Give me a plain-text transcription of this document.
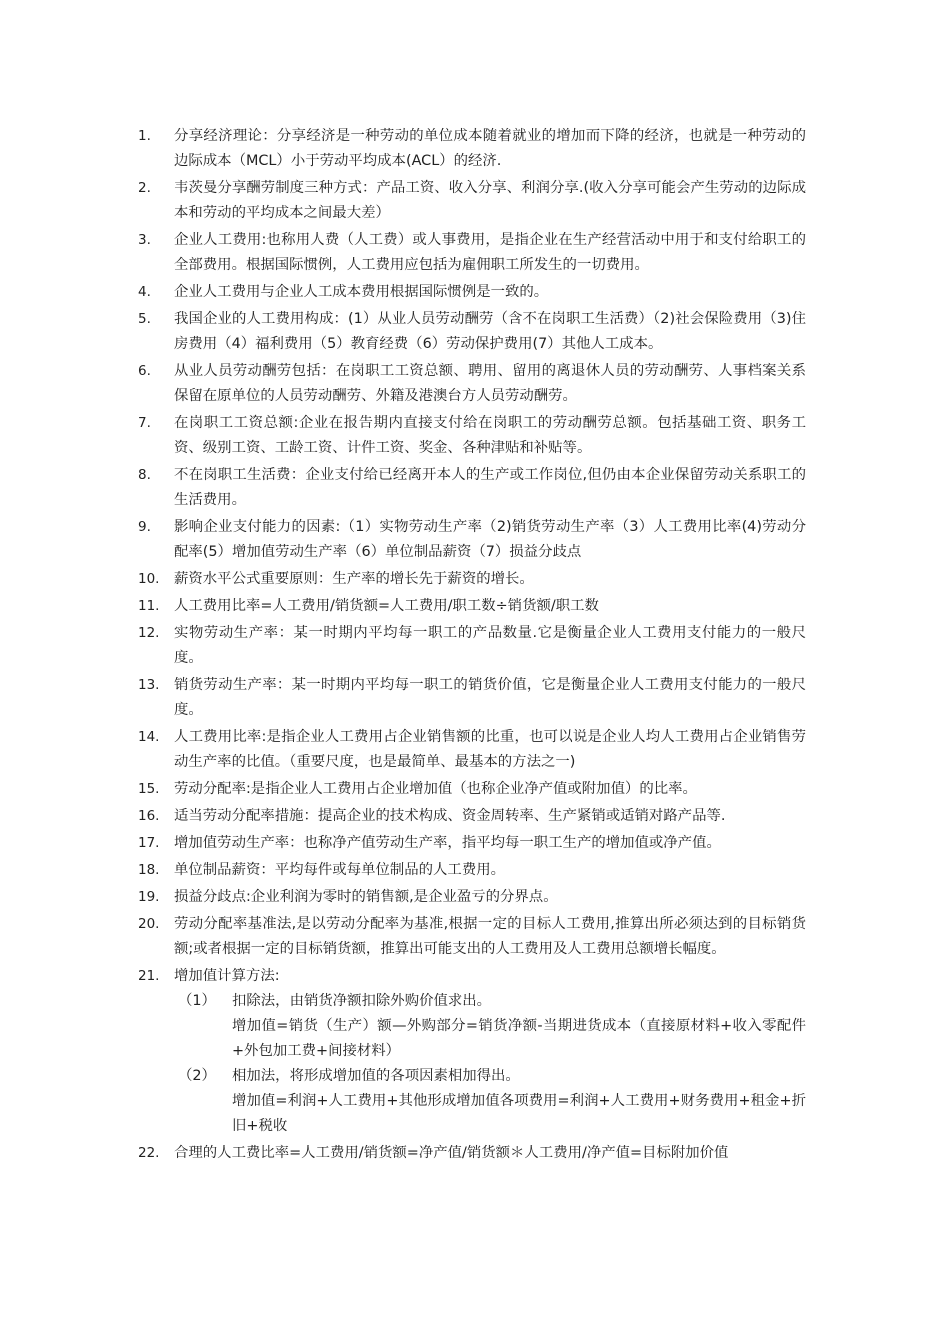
1.	分享经济理论：分享经济是一种劳动的单位成本随着就业的增加而下降的经济，也就是一种劳动的边际成本（MCL）小于劳动平均成本(ACL）的经济.
2.	韦茨曼分享酬劳制度三种方式：产品工资、收入分享、利润分享.(收入分享可能会产生劳动的边际成本和劳动的平均成本之间最大差）
3.	企业人工费用:也称用人费（人工费）或人事费用，是指企业在生产经营活动中用于和支付给职工的全部费用。根据国际惯例，人工费用应包括为雇佣职工所发生的一切费用。
4.	企业人工费用与企业人工成本费用根据国际惯例是一致的。
5.	我国企业的人工费用构成：(1）从业人员劳动酬劳（含不在岗职工生活费）（2)社会保险费用（3)住房费用（4）福利费用（5）教育经费（6）劳动保护费用(7）其他人工成本。
6.	从业人员劳动酬劳包括：在岗职工工资总额、聘用、留用的离退休人员的劳动酬劳、人事档案关系保留在原单位的人员劳动酬劳、外籍及港澳台方人员劳动酬劳。
7.	在岗职工工资总额:企业在报告期内直接支付给在岗职工的劳动酬劳总额。包括基础工资、职务工资、级别工资、工龄工资、计件工资、奖金、各种津贴和补贴等。
8.	不在岗职工生活费：企业支付给已经离开本人的生产或工作岗位,但仍由本企业保留劳动关系职工的生活费用。
9.	影响企业支付能力的因素:（1）实物劳动生产率（2)销货劳动生产率（3）人工费用比率(4)劳动分配率(5）增加值劳动生产率（6）单位制品薪资（7）损益分歧点
10.	薪资水平公式重要原则：生产率的增长先于薪资的增长。
11.	人工费用比率=人工费用/销货额=人工费用/职工数÷销货额/职工数
12.	实物劳动生产率：某一时期内平均每一职工的产品数量.它是衡量企业人工费用支付能力的一般尺度。
13.	销货劳动生产率：某一时期内平均每一职工的销货价值，它是衡量企业人工费用支付能力的一般尺度。
14.	人工费用比率:是指企业人工费用占企业销售额的比重，也可以说是企业人均人工费用占企业销售劳动生产率的比值。（重要尺度，也是最简单、最基本的方法之一)
15.	劳动分配率:是指企业人工费用占企业增加值（也称企业净产值或附加值）的比率。
16.	适当劳动分配率措施：提高企业的技术构成、资金周转率、生产紧销或适销对路产品等.
17.	增加值劳动生产率：也称净产值劳动生产率，指平均每一职工生产的增加值或净产值。
18.	单位制品薪资：平均每件或每单位制品的人工费用。
19.	损益分歧点:企业利润为零时的销售额,是企业盈亏的分界点。
20.	劳动分配率基准法,是以劳动分配率为基准,根据一定的目标人工费用,推算出所必须达到的目标销货额;或者根据一定的目标销货额，推算出可能支出的人工费用及人工费用总额增长幅度。
21.	增加值计算方法:
（1） 扣除法，由销货净额扣除外购价值求出。
增加值=销货（生产）额—外购部分=销货净额-当期进货成本（直接原材料+收入零配件+外包加工费+间接材料）
（2） 相加法，将形成增加值的各项因素相加得出。
增加值=利润+人工费用+其他形成增加值各项费用=利润+人工费用+财务费用+租金+折旧+税收
22.	合理的人工费比率=人工费用/销货额=净产值/销货额＊人工费用/净产值=目标附加价值
